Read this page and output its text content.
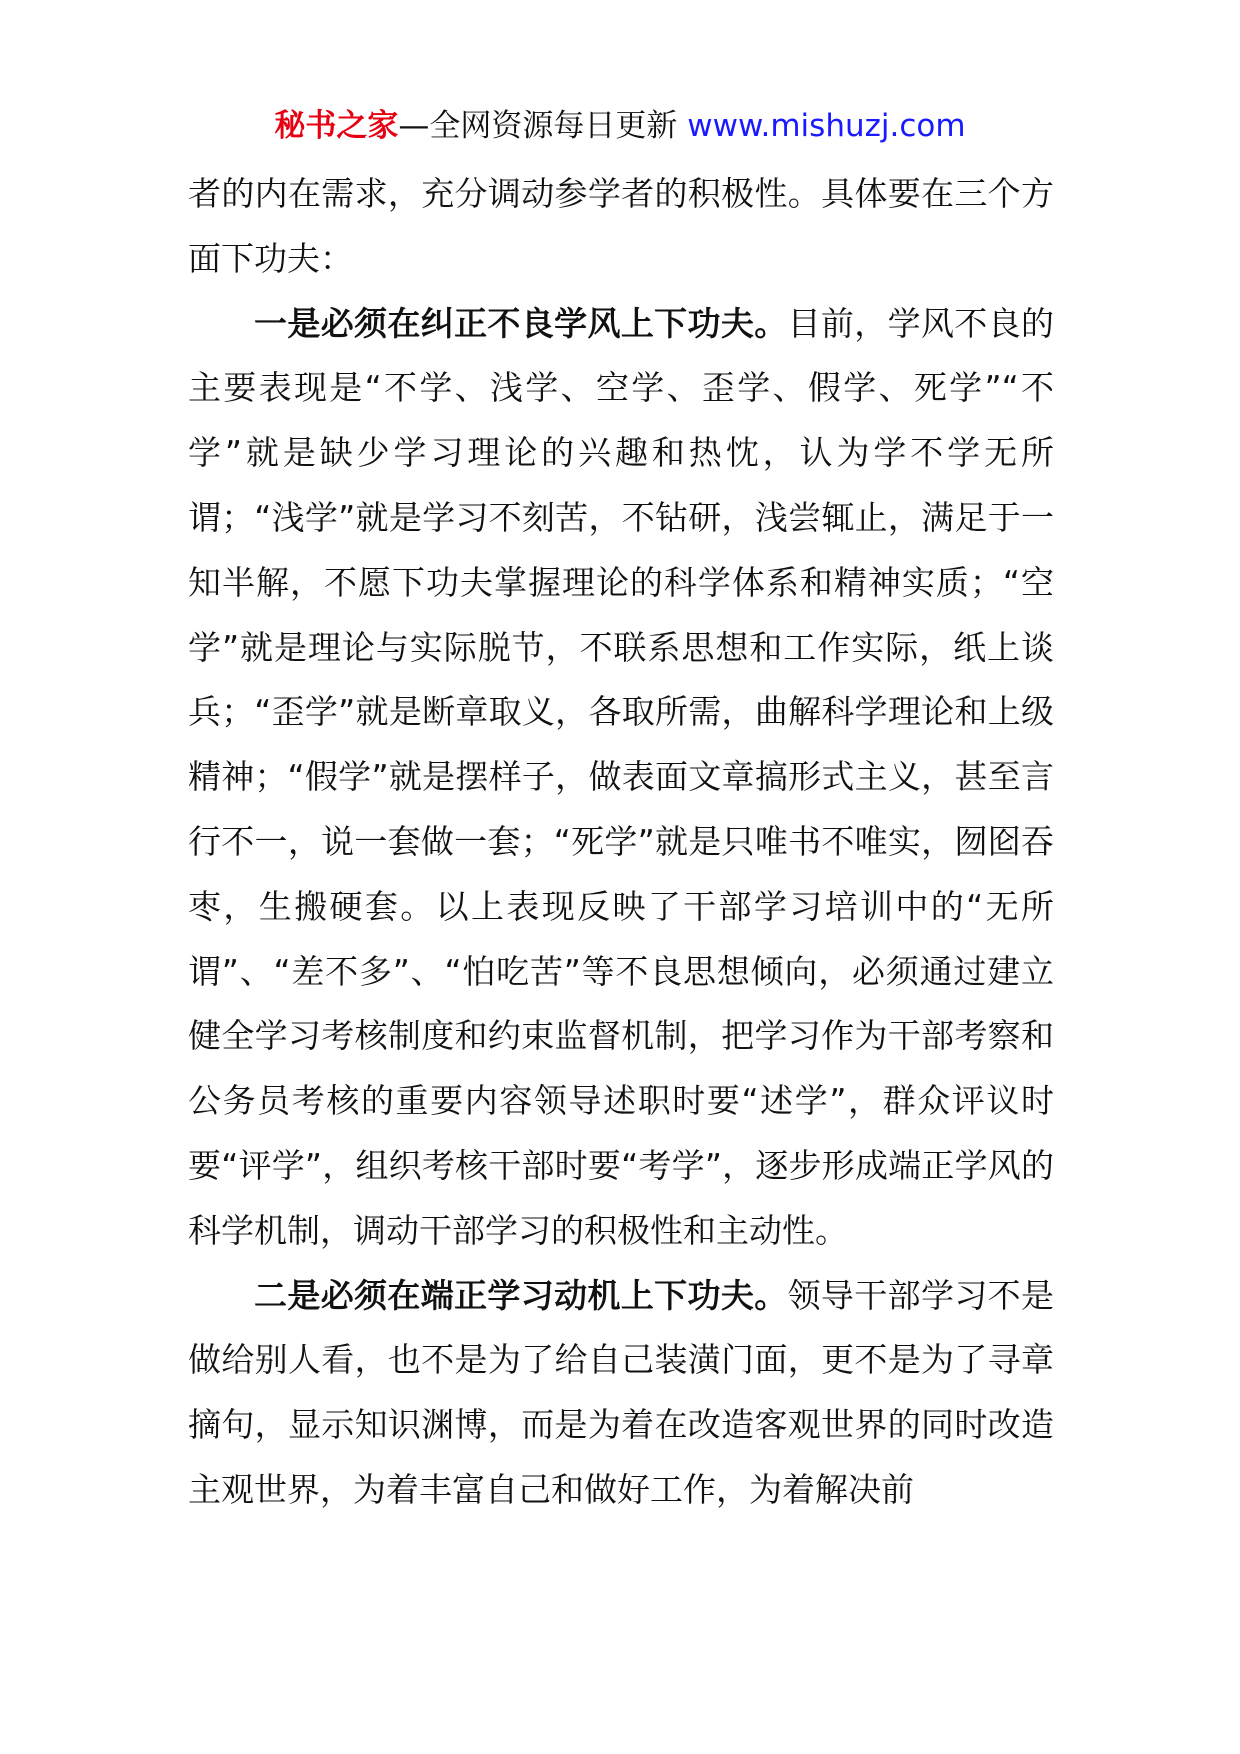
秘书之家—全网资源每日更新 www.mishuzj.com

者的内在需求，充分调动参学者的积极性。具体要在三个方面下功夫：

一是必须在纠正不良学风上下功夫。目前，学风不良的主要表现是“不学、浅学、空学、歪学、假学、死学”“不学”就是缺少学习理论的兴趣和热忱，认为学不学无所谓；“浅学”就是学习不刻苦，不钻研，浅尝辄止，满足于一知半解，不愿下功夫掌握理论的科学体系和精神实质；“空学”就是理论与实际脱节，不联系思想和工作实际，纸上谈兵；“歪学”就是断章取义，各取所需，曲解科学理论和上级精神；“假学”就是摆样子，做表面文章搞形式主义，甚至言行不一，说一套做一套；“死学”就是只唯书不唯实，囫囵吞枣，生搬硬套。以上表现反映了干部学习培训中的“无所谓”、“差不多”、“怕吃苦”等不良思想倾向，必须通过建立健全学习考核制度和约束监督机制，把学习作为干部考察和公务员考核的重要内容领导述职时要“述学”，群众评议时要“评学”，组织考核干部时要“考学”，逐步形成端正学风的科学机制，调动干部学习的积极性和主动性。

二是必须在端正学习动机上下功夫。领导干部学习不是做给别人看，也不是为了给自己装潢门面，更不是为了寻章摘句，显示知识渊博，而是为着在改造客观世界的同时改造主观世界，为着丰富自己和做好工作，为着解决前
